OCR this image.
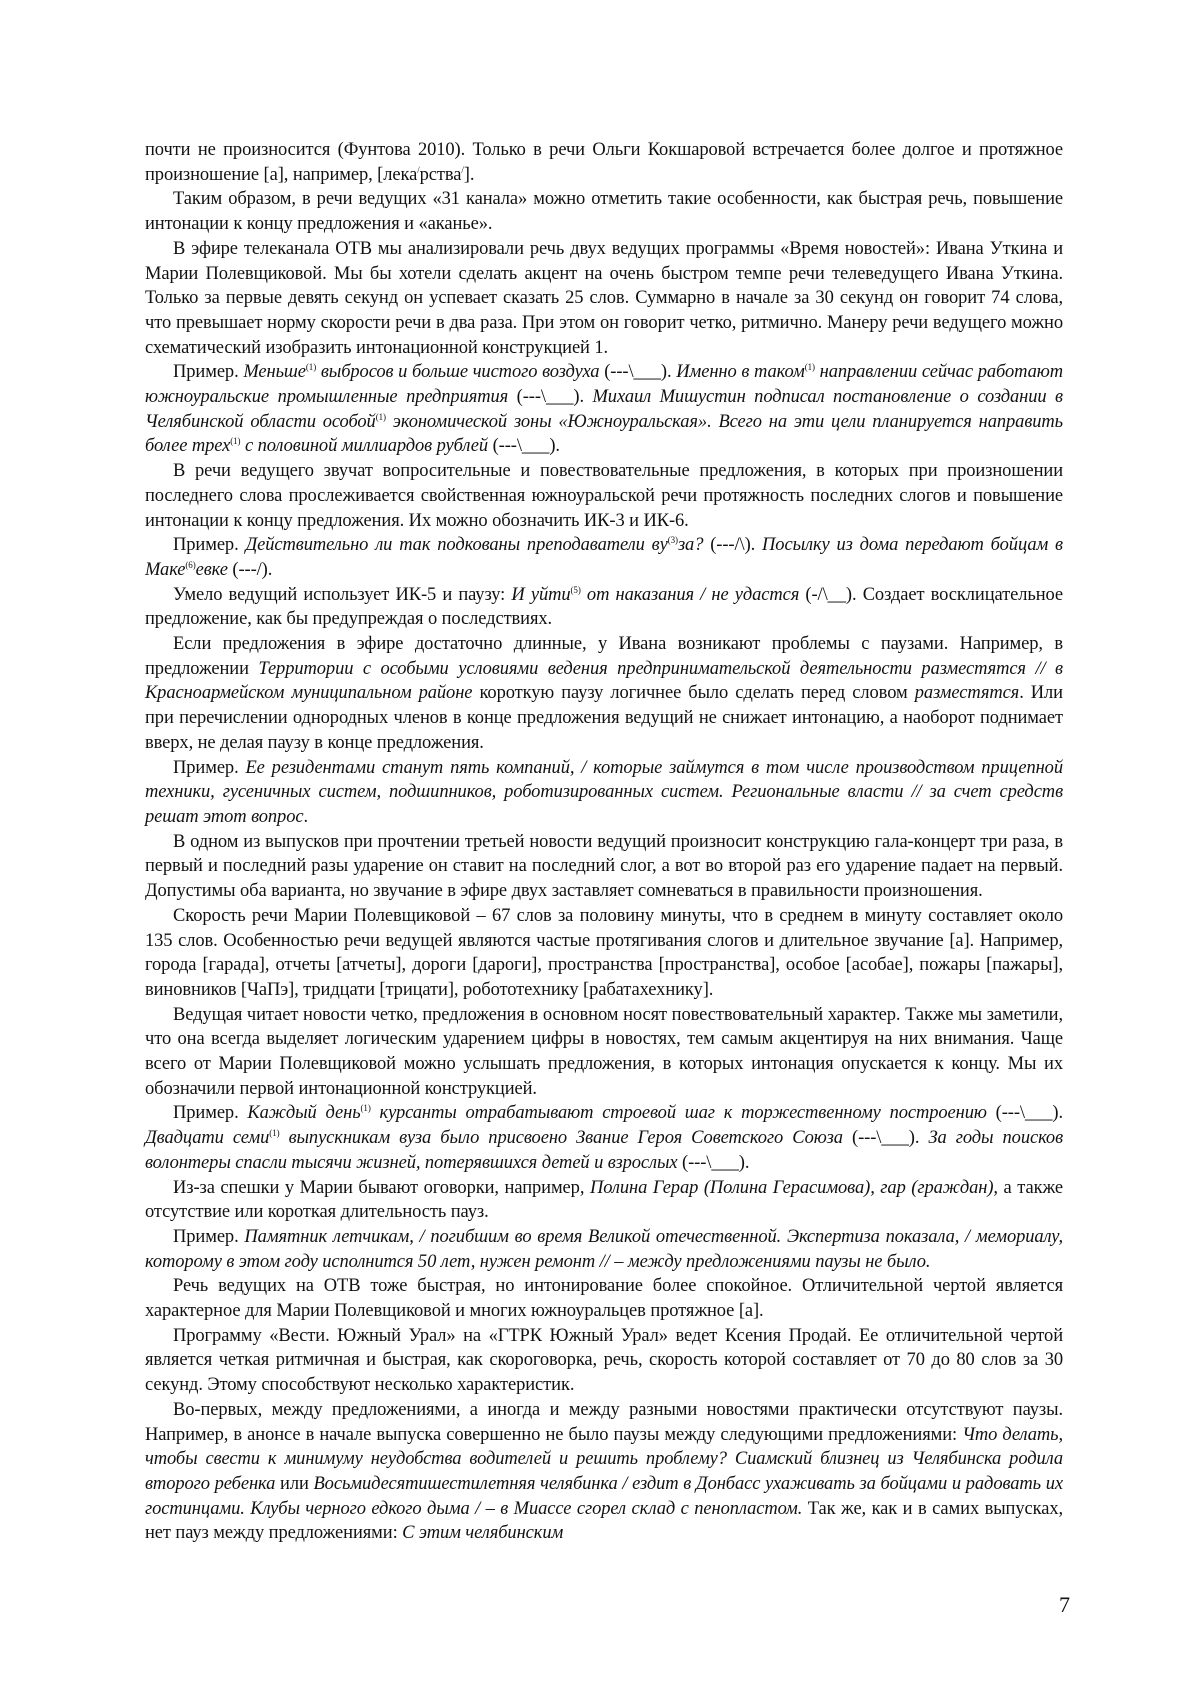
почти не произносится (Фунтова 2010). Только в речи Ольги Кокшаровой встречается более долгое и протяжное произношение [а], например, [лека/рства/].

Таким образом, в речи ведущих «31 канала» можно отметить такие особенности, как быстрая речь, повышение интонации к концу предложения и «аканье».

В эфире телеканала ОТВ мы анализировали речь двух ведущих программы «Время новостей»: Ивана Уткина и Марии Полевщиковой. Мы бы хотели сделать акцент на очень быстром темпе речи телеведущего Ивана Уткина. Только за первые девять секунд он успевает сказать 25 слов. Суммарно в начале за 30 секунд он говорит 74 слова, что превышает норму скорости речи в два раза. При этом он говорит четко, ритмично. Манеру речи ведущего можно схематический изобразить интонационной конструкцией 1.

Пример. Меньше$^{(1)}$ выбросов и больше чистого воздуха (---\___). Именно в таком$^{(1)}$ направлении сейчас работают южноуральские промышленные предприятия (---\___). Михаил Мишустин подписал постановление о создании в Челябинской области особой$^{(1)}$ экономической зоны «Южноуральская». Всего на эти цели планируется направить более трех$^{(1)}$ с половиной миллиардов рублей (---\___).

В речи ведущего звучат вопросительные и повествовательные предложения, в которых при произношении последнего слова прослеживается свойственная южноуральской речи протяжность последних слогов и повышение интонации к концу предложения. Их можно обозначить ИК-3 и ИК-6.

Пример. Действительно ли так подкованы преподаватели $ву^{(3)}за$? (---/\). Посылку из дома передают бойцам в Маке$^{(6)}$евке (---/).

Умело ведущий использует ИК-5 и паузу: И уйти$^{(5)}$ от наказания / не удастся (-/\__). Создает восклицательное предложение, как бы предупреждая о последствиях.

Если предложения в эфире достаточно длинные, у Ивана возникают проблемы с паузами. Например, в предложении Территории с особыми условиями ведения предпринимательской деятельности разместятся // в Красноармейском муниципальном районе короткую паузу логичнее было сделать перед словом разместятся. Или при перечислении однородных членов в конце предложения ведущий не снижает интонацию, а наоборот поднимает вверх, не делая паузу в конце предложения.

Пример. Ее резидентами станут пять компаний, / которые займутся в том числе производством прицепной техники, гусеничных систем, подшипников, роботизированных систем. Региональные власти // за счет средств решат этот вопрос.

В одном из выпусков при прочтении третьей новости ведущий произносит конструкцию гала-концерт три раза, в первый и последний разы ударение он ставит на последний слог, а вот во второй раз его ударение падает на первый. Допустимы оба варианта, но звучание в эфире двух заставляет сомневаться в правильности произношения.

Скорость речи Марии Полевщиковой – 67 слов за половину минуты, что в среднем в минуту составляет около 135 слов. Особенностью речи ведущей являются частые протягивания слогов и длительное звучание [а]. Например, города [гарада], отчеты [атчеты], дороги [дароги], пространства [пространства], особое [асобае], пожары [пажары], виновников [ЧаПэ], тридцати [трицати], робототехнику [рабатахехнику].

Ведущая читает новости четко, предложения в основном носят повествовательный характер. Также мы заметили, что она всегда выделяет логическим ударением цифры в новостях, тем самым акцентируя на них внимания. Чаще всего от Марии Полевщиковой можно услышать предложения, в которых интонация опускается к концу. Мы их обозначили первой интонационной конструкцией.

Пример. Каждый день$^{(1)}$ курсанты отрабатывают строевой шаг к торжественному построению (---\___). Двадцати семи$^{(1)}$ выпускникам вуза было присвоено Звание Героя Советского Союза (---\___). За годы поисков волонтеры спасли тысячи жизней, потерявшихся детей и взрослых (---\___).

Из-за спешки у Марии бывают оговорки, например, Полина Герар (Полина Герасимова), гар (граждан), а также отсутствие или короткая длительность пауз.

Пример. Памятник летчикам, / погибшим во время Великой отечественной. Экспертиза показала, / мемориалу, которому в этом году исполнится 50 лет, нужен ремонт // – между предложениями паузы не было.

Речь ведущих на ОТВ тоже быстрая, но интонирование более спокойное. Отличительной чертой является характерное для Марии Полевщиковой и многих южноуральцев протяжное [а].

Программу «Вести. Южный Урал» на «ГТРК Южный Урал» ведет Ксения Продай. Ее отличительной чертой является четкая ритмичная и быстрая, как скороговорка, речь, скорость которой составляет от 70 до 80 слов за 30 секунд. Этому способствуют несколько характеристик.

Во-первых, между предложениями, а иногда и между разными новостями практически отсутствуют паузы. Например, в анонсе в начале выпуска совершенно не было паузы между следующими предложениями: Что делать, чтобы свести к минимуму неудобства водителей и решить проблему? Сиамский близнец из Челябинска родила второго ребенка или Восьмидесятишестилетняя челябинка / ездит в Донбасс ухаживать за бойцами и радовать их гостинцами. Клубы черного едкого дыма / – в Миассе сгорел склад с пенопластом. Так же, как и в самих выпусках, нет пауз между предложениями: С этим челябинским

7
